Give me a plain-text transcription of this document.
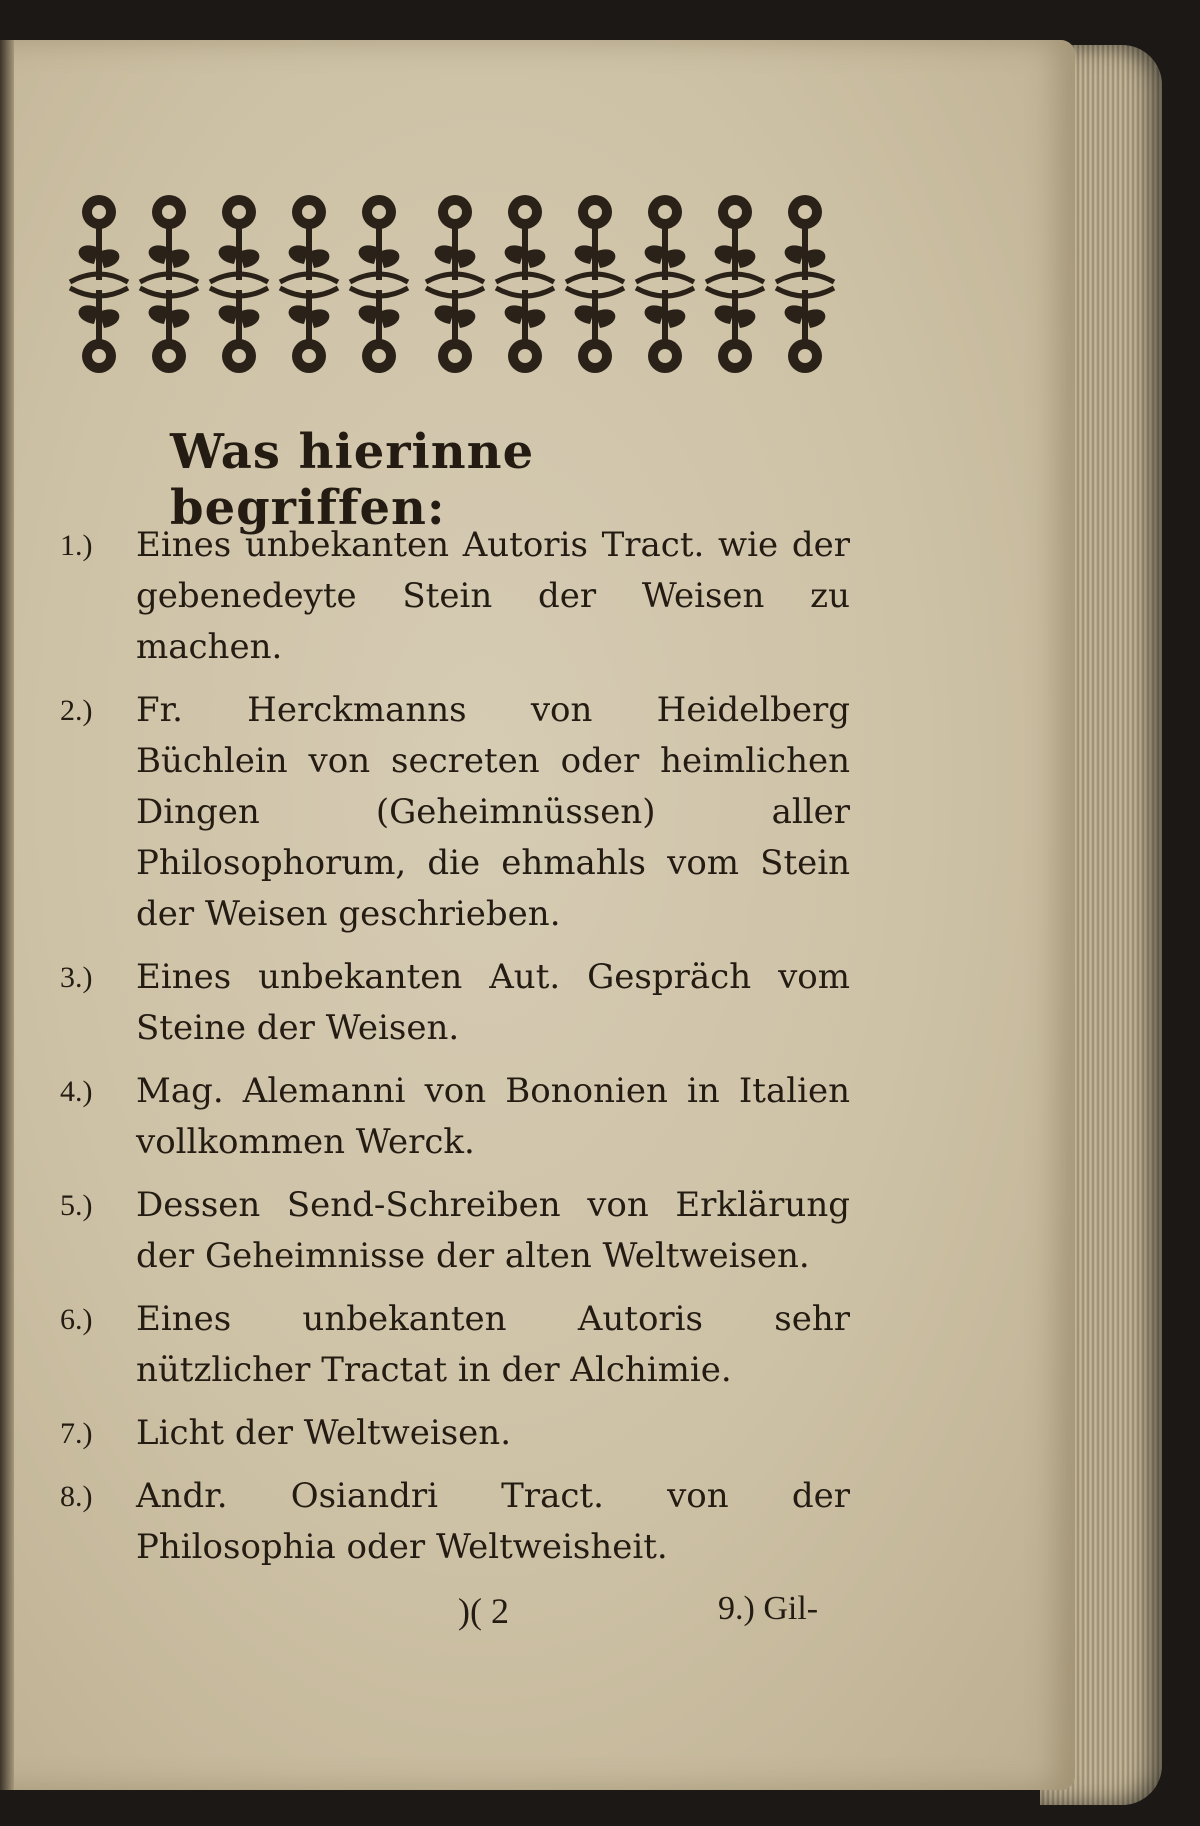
Was hierinne begriffen:
1.)	Eines unbekanten Autoris Tract. wie der gebenedeyte Stein der Weisen zu machen.
2.)	Fr. Herckmanns von Heidelberg Büchlein von secreten oder heimlichen Dingen (Geheimnüssen) aller Philosophorum, die ehmahls vom Stein der Weisen geschrieben.
3.)	Eines unbekanten Aut. Gespräch vom Steine der Weisen.
4.)	Mag. Alemanni von Bononien in Italien vollkommen Werck.
5.)	Dessen Send-Schreiben von Erklärung der Geheimnisse der alten Weltweisen.
6.)	Eines unbekanten Autoris sehr nützlicher Tractat in der Alchimie.
7.)	Licht der Weltweisen.
8.)	Andr. Osiandri Tract. von der Philosophia oder Weltweisheit.
)( 2	9.) Gil-
